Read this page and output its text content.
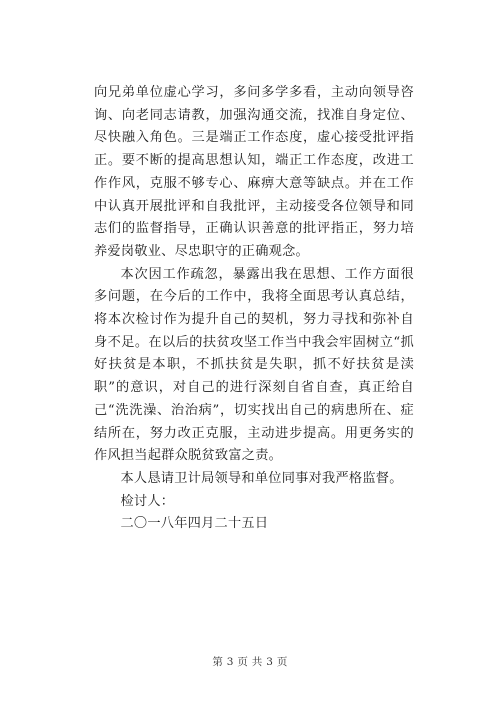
向兄弟单位虚心学习，多问多学多看，主动向领导咨询、向老同志请教，加强沟通交流，找准自身定位、尽快融入角色。三是端正工作态度，虚心接受批评指正。要不断的提高思想认知，端正工作态度，改进工作作风，克服不够专心、麻痹大意等缺点。并在工作中认真开展批评和自我批评，主动接受各位领导和同志们的监督指导，正确认识善意的批评指正，努力培养爱岗敬业、尽忠职守的正确观念。

本次因工作疏忽，暴露出我在思想、工作方面很多问题，在今后的工作中，我将全面思考认真总结，将本次检讨作为提升自己的契机，努力寻找和弥补自身不足。在以后的扶贫攻坚工作当中我会牢固树立“抓好扶贫是本职，不抓扶贫是失职，抓不好扶贫是渎职”的意识，对自己的进行深刻自省自查，真正给自己“洗洗澡、治治病”，切实找出自己的病患所在、症结所在，努力改正克服，主动进步提高。用更务实的作风担当起群众脱贫致富之责。

本人恳请卫计局领导和单位同事对我严格监督。

检讨人：

二〇一八年四月二十五日

第 3 页 共 3 页
